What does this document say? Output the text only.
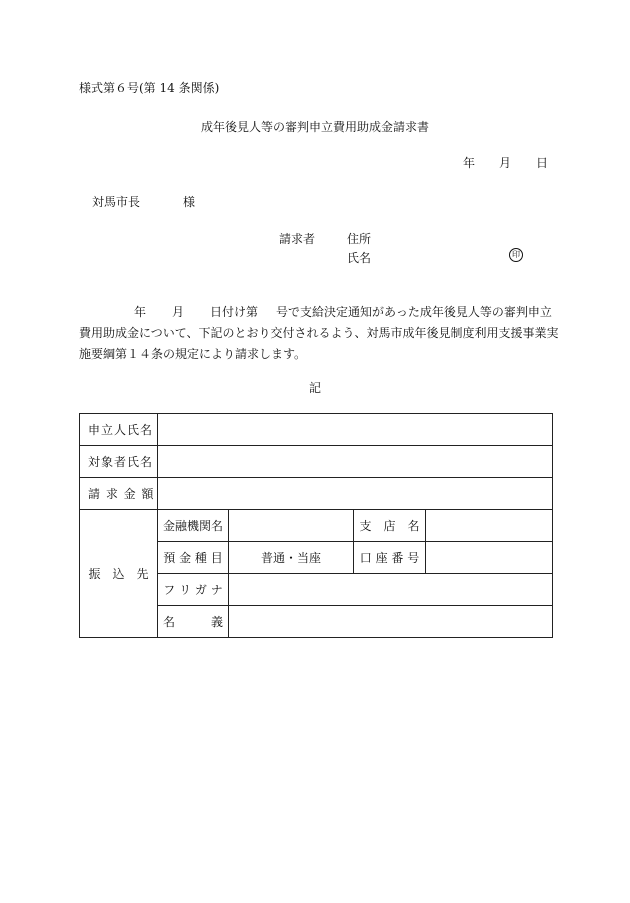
様式第６号(第 14 条関係)
成年後見人等の審判申立費用助成金請求書
年 月 日
対馬市長	様
請求者	住所
氏名	印
年 月 日付け第 号で支給決定通知があった成年後見人等の審判申立
費用助成金について、下記のとおり交付されるよう、対馬市成年後見制度利用支援事業実
施要綱第１４条の規定により請求します。
記
申立人氏名				
対象者氏名				
請 求 金 額				
振　込　先	金融機関名		支　店　名	
	預 金 種 目	普通・当座	口 座 番 号	
	フ リ ガ ナ			
	名　　　義			
